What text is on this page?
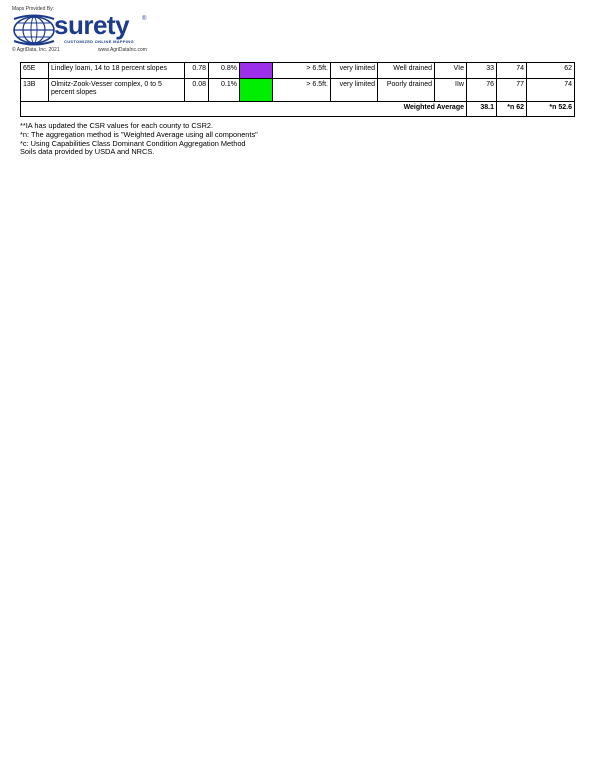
Maps Provided By:
surety ®
CUSTOMIZED ONLINE MAPPING
© AgriData, Inc. 2021	www.AgriDataInc.com
65E	Lindley loam, 14 to 18 percent slopes	0.78	0.8%		> 6.5ft.	very limited	Well drained	VIe	33	74	62
13B	Olmitz-Zook-Vesser complex, 0 to 5 percent slopes	0.08	0.1%		> 6.5ft.	very limited	Poorly drained	IIw	76	77	74
Weighted Average									38.1	*n 62	*n 52.6
**IA has updated the CSR values for each county to CSR2.
*n: The aggregation method is "Weighted Average using all components"
*c: Using Capabilities Class Dominant Condition Aggregation Method
Soils data provided by USDA and NRCS.
